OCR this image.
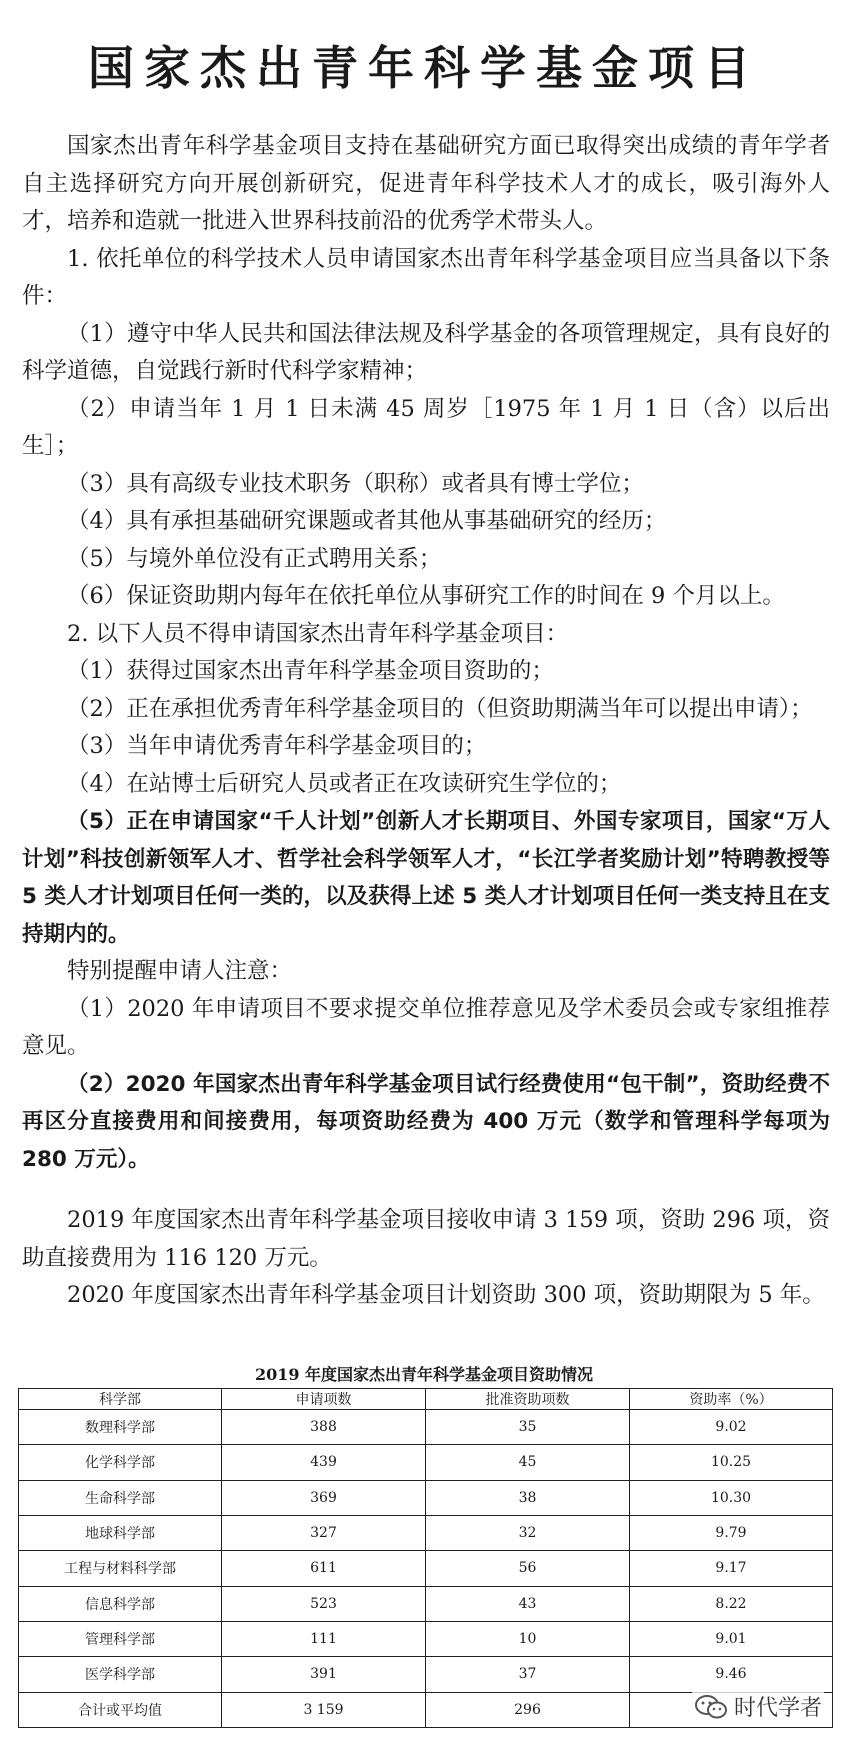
国家杰出青年科学基金项目

国家杰出青年科学基金项目支持在基础研究方面已取得突出成绩的青年学者自主选择研究方向开展创新研究，促进青年科学技术人才的成长，吸引海外人才，培养和造就一批进入世界科技前沿的优秀学术带头人。

1. 依托单位的科学技术人员申请国家杰出青年科学基金项目应当具备以下条件：

（1）遵守中华人民共和国法律法规及科学基金的各项管理规定，具有良好的科学道德，自觉践行新时代科学家精神；

（2）申请当年 1 月 1 日未满 45 周岁［1975 年 1 月 1 日（含）以后出生］；

（3）具有高级专业技术职务（职称）或者具有博士学位；

（4）具有承担基础研究课题或者其他从事基础研究的经历；

（5）与境外单位没有正式聘用关系；

（6）保证资助期内每年在依托单位从事研究工作的时间在 9 个月以上。

2. 以下人员不得申请国家杰出青年科学基金项目：

（1）获得过国家杰出青年科学基金项目资助的；

（2）正在承担优秀青年科学基金项目的（但资助期满当年可以提出申请）；

（3）当年申请优秀青年科学基金项目的；

（4）在站博士后研究人员或者正在攻读研究生学位的；

（5）正在申请国家“千人计划”创新人才长期项目、外国专家项目，国家“万人计划”科技创新领军人才、哲学社会科学领军人才，“长江学者奖励计划”特聘教授等 5 类人才计划项目任何一类的，以及获得上述 5 类人才计划项目任何一类支持且在支持期内的。

特别提醒申请人注意：

（1）2020 年申请项目不要求提交单位推荐意见及学术委员会或专家组推荐意见。

（2）2020 年国家杰出青年科学基金项目试行经费使用“包干制”，资助经费不再区分直接费用和间接费用，每项资助经费为 400 万元（数学和管理科学每项为 280 万元）。

2019 年度国家杰出青年科学基金项目接收申请 3 159 项，资助 296 项，资助直接费用为 116 120 万元。

2020 年度国家杰出青年科学基金项目计划资助 300 项，资助期限为 5 年。

2019 年度国家杰出青年科学基金项目资助情况

科学部	申请项数	批准资助项数	资助率（%）
数理科学部	388	35	9.02
化学科学部	439	45	10.25
生命科学部	369	38	10.30
地球科学部	327	32	9.79
工程与材料科学部	611	56	9.17
信息科学部	523	43	8.22
管理科学部	111	10	9.01
医学科学部	391	37	9.46
合计或平均值	3 159	296		时代学者
